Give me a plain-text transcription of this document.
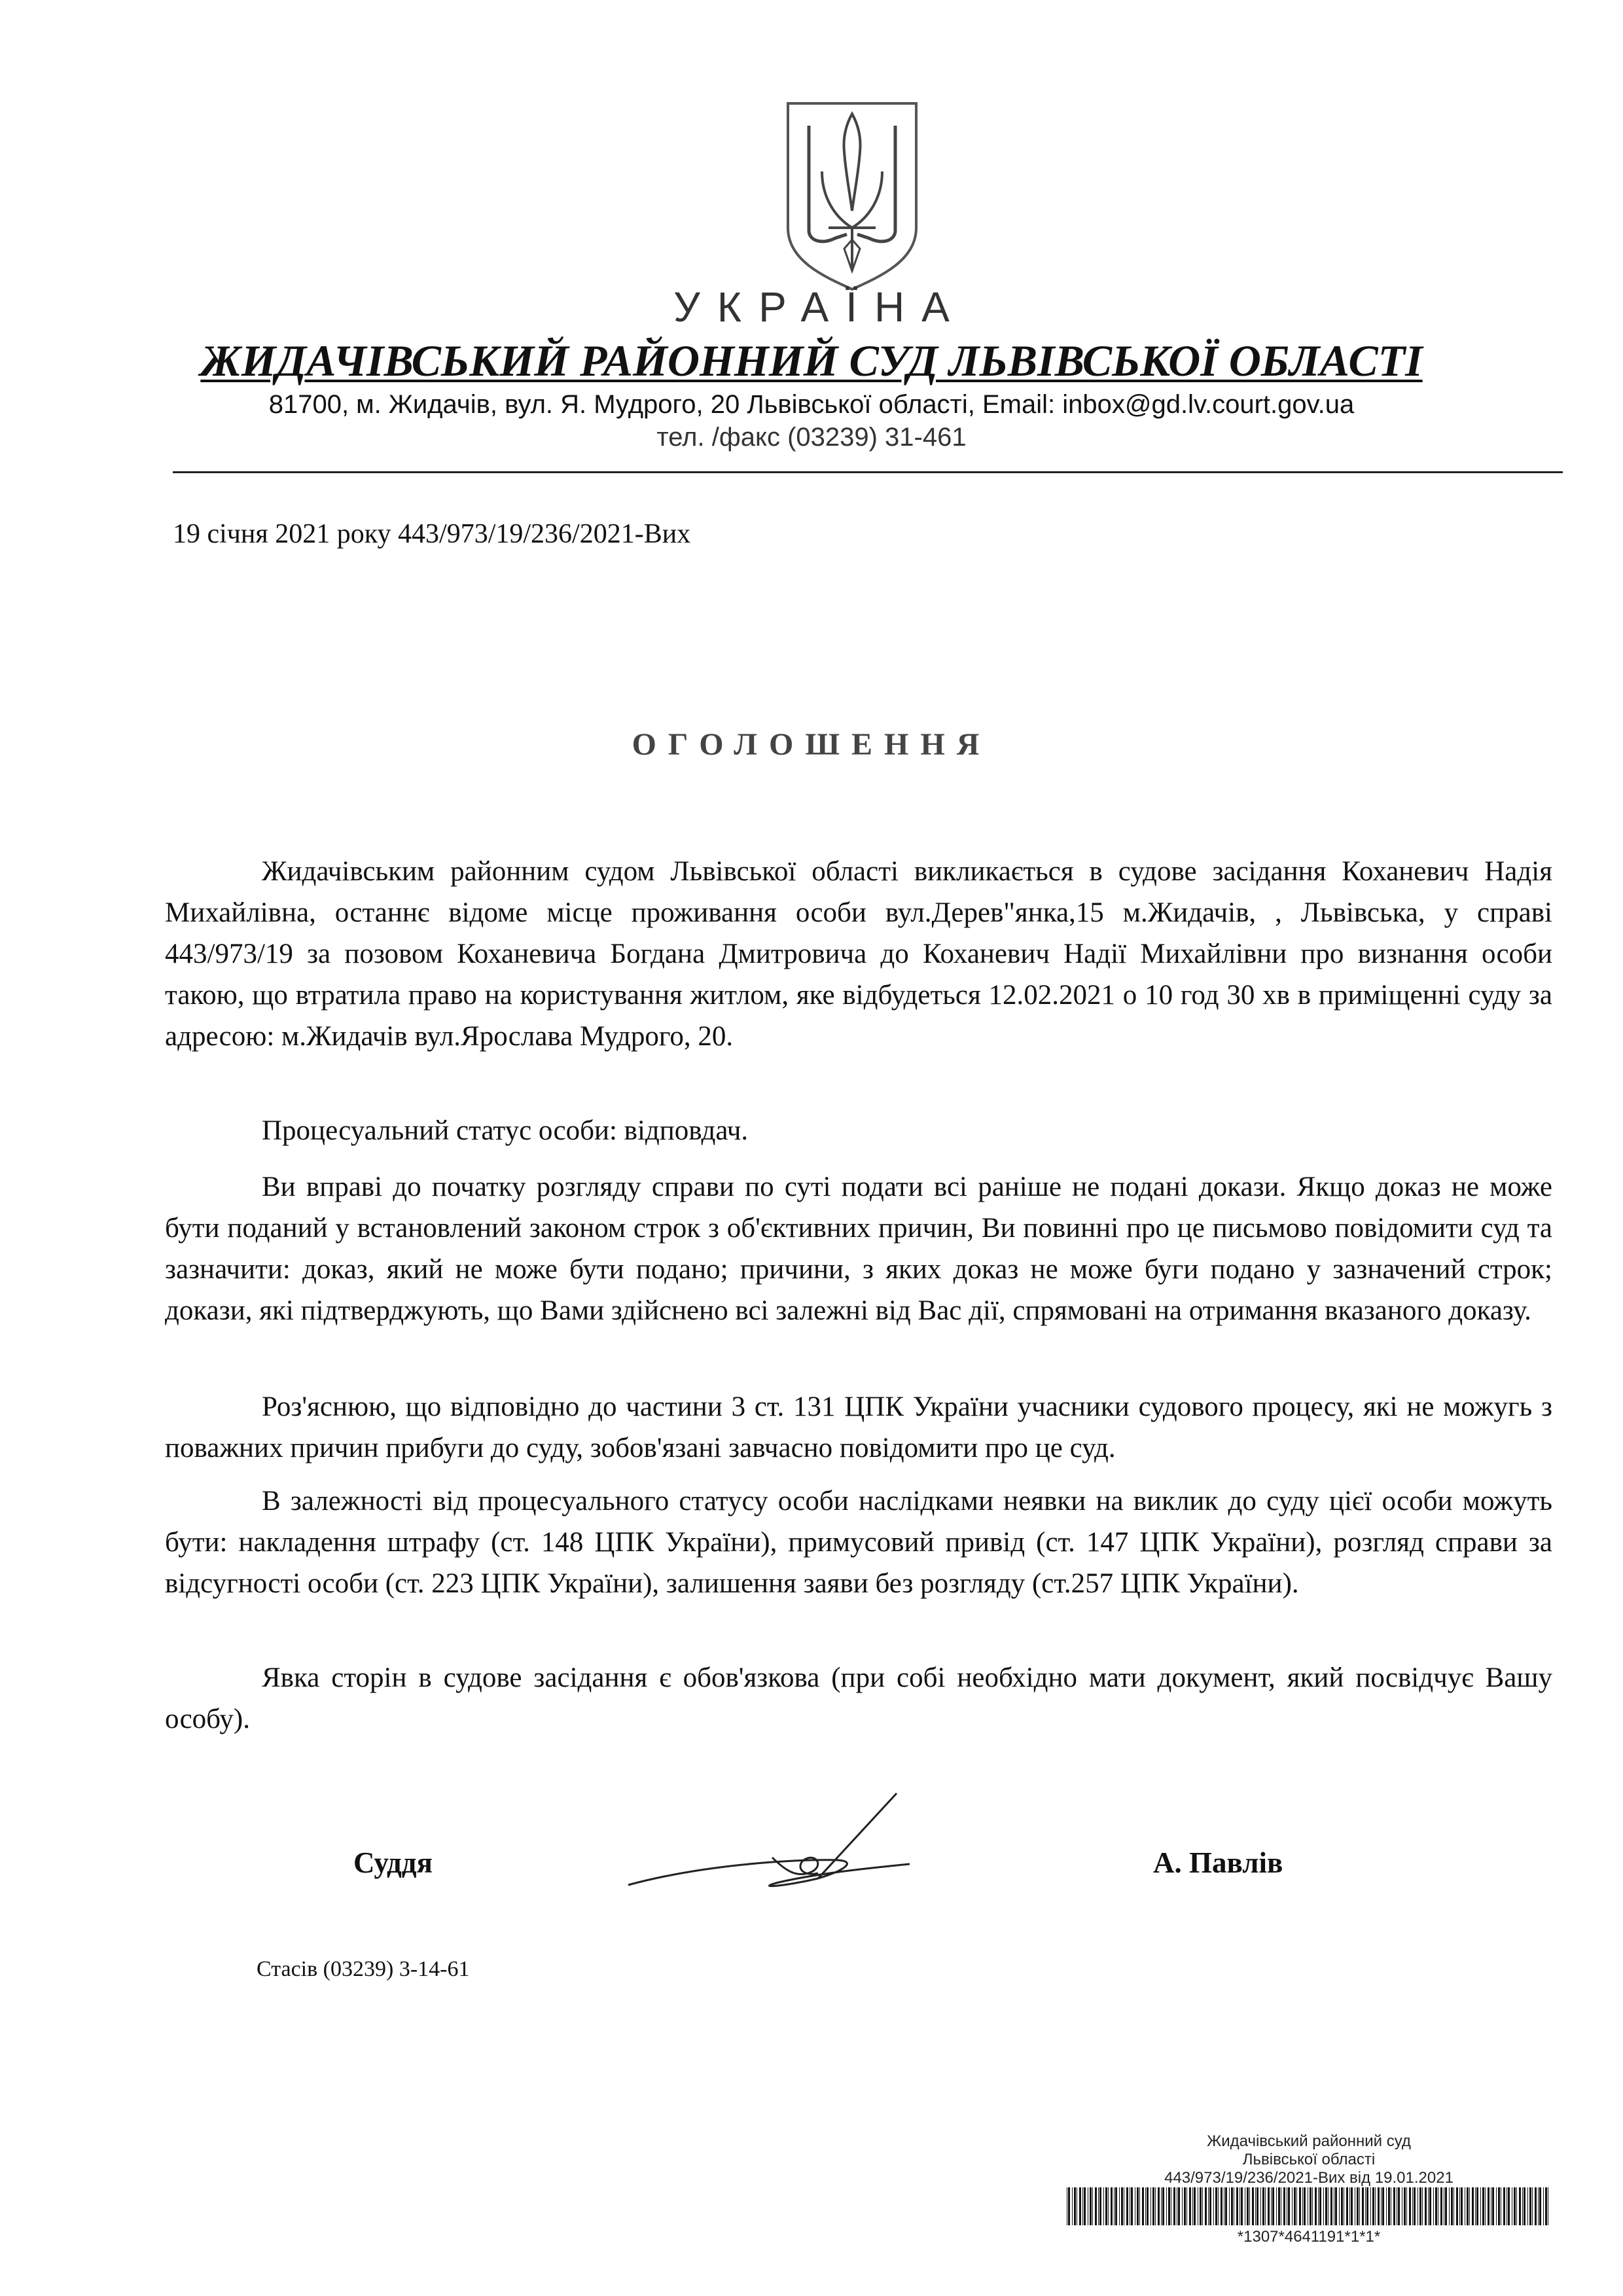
УКРАЇНА
ЖИДАЧІВСЬКИЙ РАЙОННИЙ СУД ЛЬВІВСЬКОЇ ОБЛАСТІ
81700, м. Жидачів, вул. Я. Мудрого, 20 Львівської області, Email: inbox@gd.lv.court.gov.ua
тел. /факс (03239) 31-461
19 січня 2021 року 443/973/19/236/2021-Вих
ОГОЛОШЕННЯ

Жидачівським районним судом Львівської області викликається в судове засідання Коханевич Надія Михайлівна, останнє відоме місце проживання особи вул.Дерев"янка,15 м.Жидачів, , Львівська, у справі 443/973/19 за позовом Коханевича Богдана Дмитровича до Коханевич Надії Михайлівни про визнання особи такою, що втратила право на користування житлом, яке відбудеться 12.02.2021 о 10 год 30 хв в приміщенні суду за адресою: м.Жидачів вул.Ярослава Мудрого, 20.

Процесуальний статус особи: відповдач.

Ви вправі до початку розгляду справи по суті подати всі раніше не подані докази. Якщо доказ не може бути поданий у встановлений законом строк з об'єктивних причин, Ви повинні про це письмово повідомити суд та зазначити: доказ, який не може бути подано; причини, з яких доказ не може буги подано у зазначений строк; докази, які підтверджують, що Вами здійснено всі залежні від Вас дії, спрямовані на отримання вказаного доказу.

Роз'яснюю, що відповідно до частини 3 ст. 131 ЦПК України учасники судового процесу, які не можугь з поважних причин прибуги до суду, зобов'язані завчасно повідомити про це суд.

В залежності від процесуального статусу особи наслідками неявки на виклик до суду цієї особи можуть бути: накладення штрафу (ст. 148 ЦПК України), примусовий привід (ст. 147 ЦПК України), розгляд справи за відсугності особи (ст. 223 ЦПК України), залишення заяви без розгляду (ст.257 ЦПК України).

Явка сторін в судове засідання є обов'язкова (при собі необхідно мати документ, який посвідчує Вашу особу).

Суддя	А. Павлів
Стасів (03239) 3-14-61
Жидачівський районний суд
Львівської області
443/973/19/236/2021-Вих від 19.01.2021
*1307*4641191*1*1*
